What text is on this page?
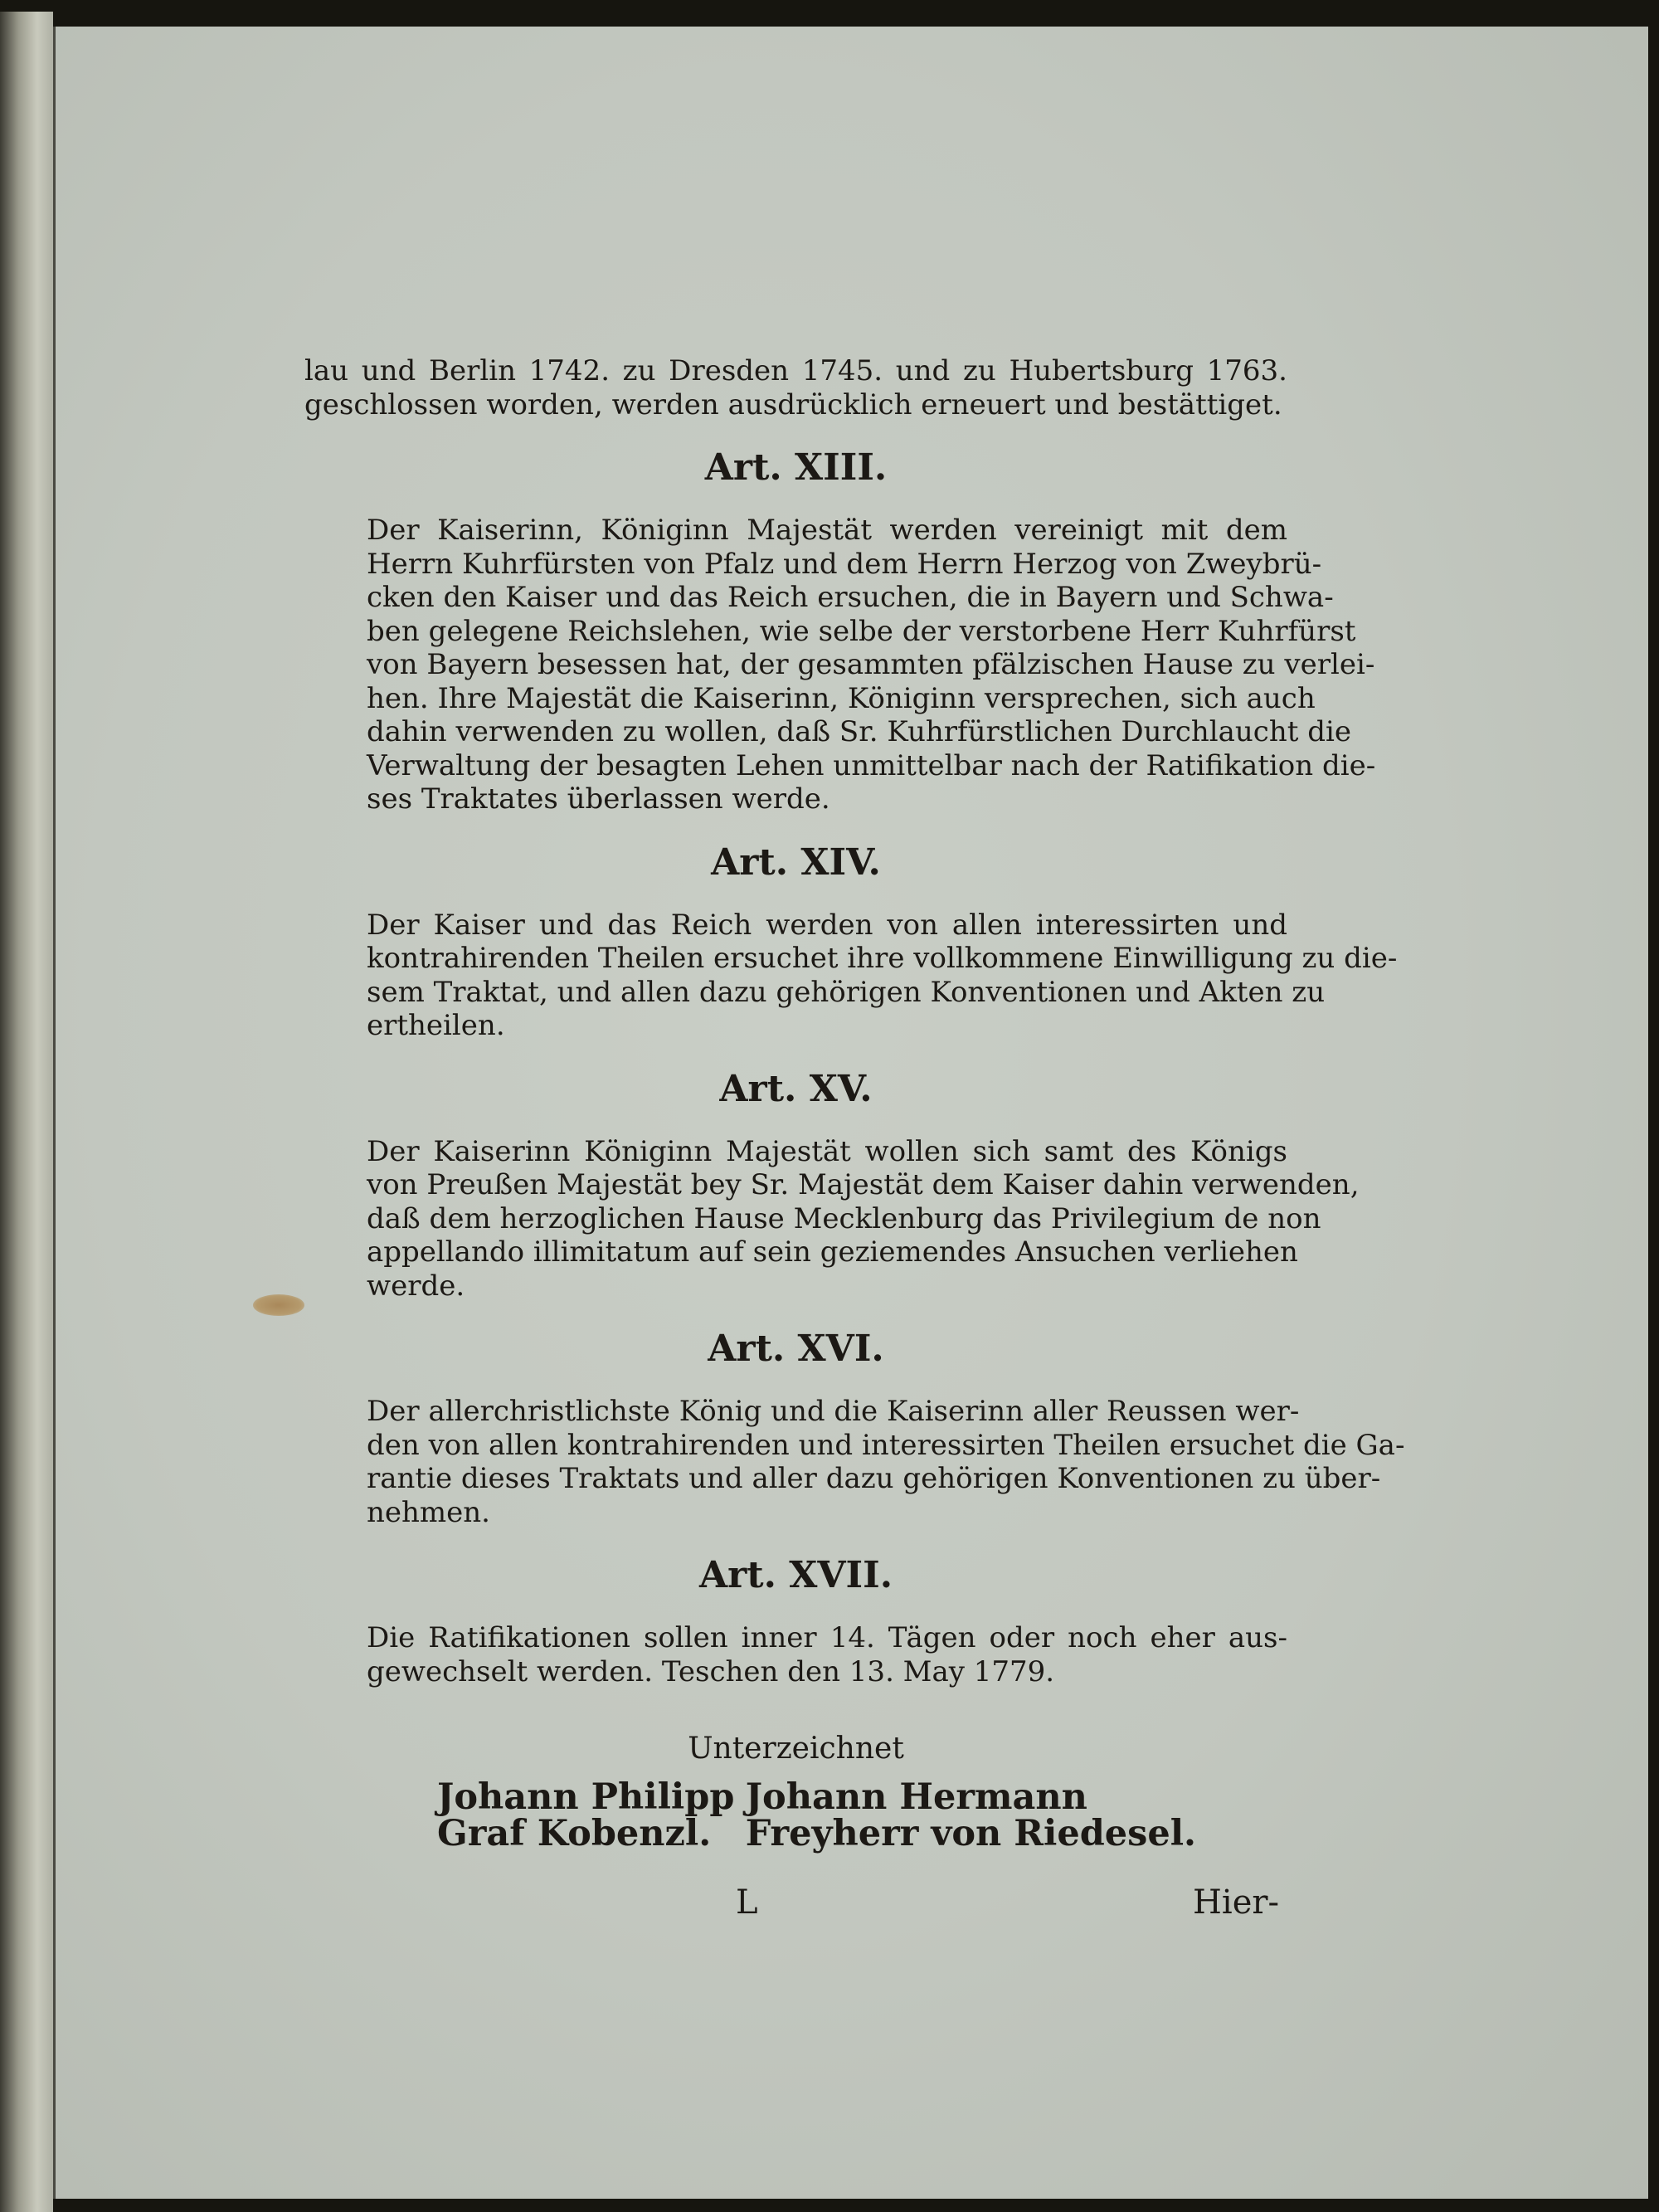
lau und Berlin 1742. zu Dresden 1745. und zu Hubertsburg 1763.
geschlossen worden, werden ausdrücklich erneuert und bestättiget.

Art. XIII.

Der Kaiserinn, Königinn Majestät werden vereinigt mit dem
Herrn Kuhrfürsten von Pfalz und dem Herrn Herzog von Zweybrü-
cken den Kaiser und das Reich ersuchen, die in Bayern und Schwa-
ben gelegene Reichslehen, wie selbe der verstorbene Herr Kuhrfürst
von Bayern besessen hat, der gesammten pfälzischen Hause zu verlei-
hen. Ihre Majestät die Kaiserinn, Königinn versprechen, sich auch
dahin verwenden zu wollen, daß Sr. Kuhrfürstlichen Durchlaucht die
Verwaltung der besagten Lehen unmittelbar nach der Ratifikation die-
ses Traktates überlassen werde.

Art. XIV.

Der Kaiser und das Reich werden von allen interessirten und
kontrahirenden Theilen ersuchet ihre vollkommene Einwilligung zu die-
sem Traktat, und allen dazu gehörigen Konventionen und Akten zu
ertheilen.

Art. XV.

Der Kaiserinn Königinn Majestät wollen sich samt des Königs
von Preußen Majestät bey Sr. Majestät dem Kaiser dahin verwenden,
daß dem herzoglichen Hause Mecklenburg das Privilegium de non
appellando illimitatum auf sein geziemendes Ansuchen verliehen
werde.

Art. XVI.

Der allerchristlichste König und die Kaiserinn aller Reussen wer-
den von allen kontrahirenden und interessirten Theilen ersuchet die Ga-
rantie dieses Traktats und aller dazu gehörigen Konventionen zu über-
nehmen.

Art. XVII.

Die Ratifikationen sollen inner 14. Tägen oder noch eher aus-
gewechselt werden. Teschen den 13. May 1779.

Unterzeichnet

Johann Philipp
Graf Kobenzl.
Johann Hermann
Freyherr von Riedesel.
L	Hier-
